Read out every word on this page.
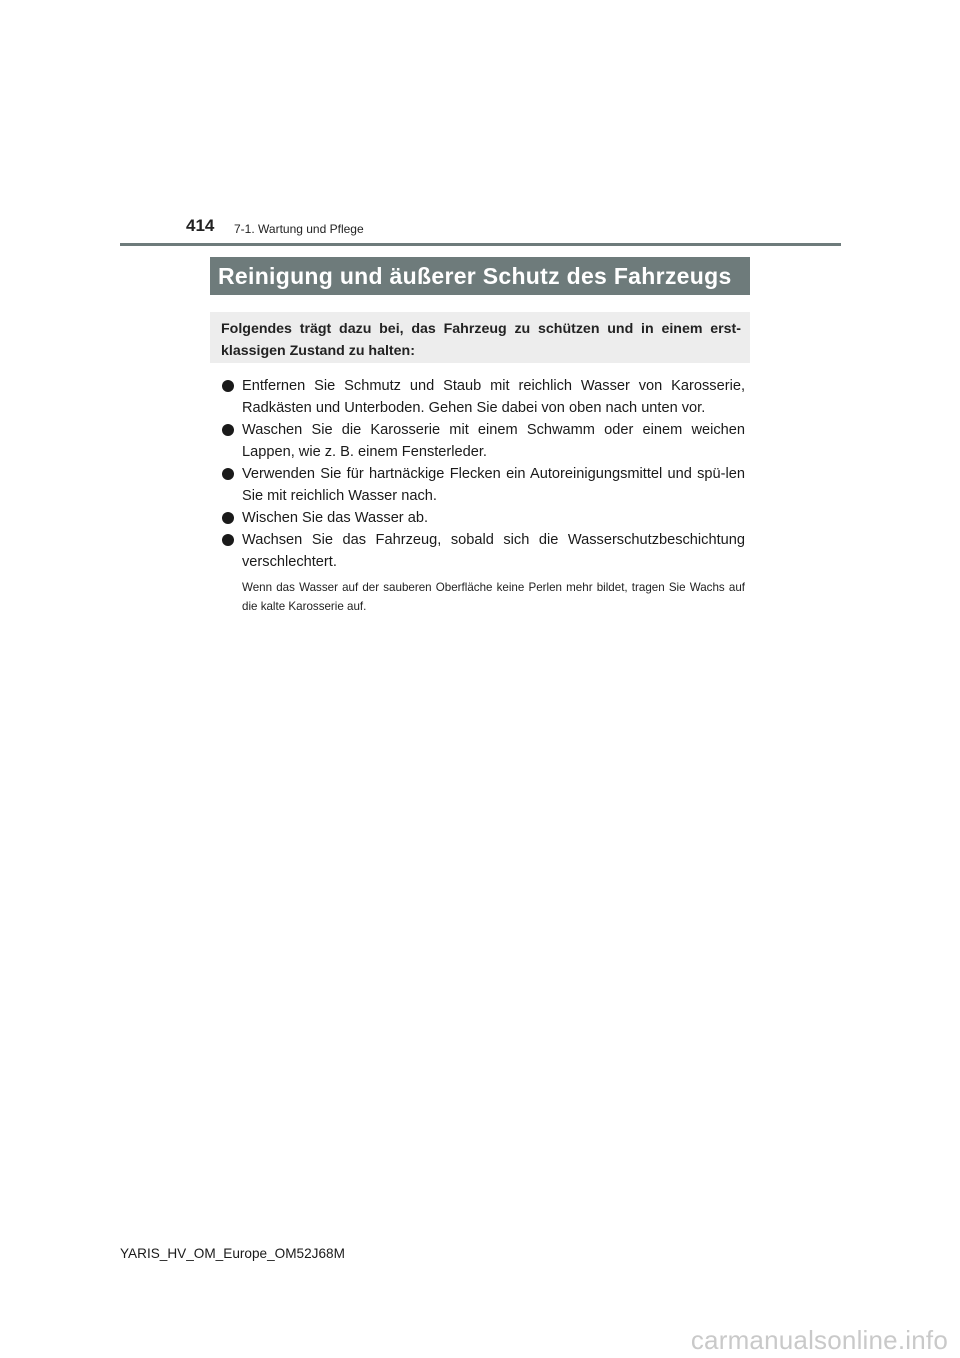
414 7-1. Wartung und Pflege
Reinigung und äußerer Schutz des Fahrzeugs
Folgendes trägt dazu bei, das Fahrzeug zu schützen und in einem erst-klassigen Zustand zu halten:
Entfernen Sie Schmutz und Staub mit reichlich Wasser von Karosserie, Radkästen und Unterboden. Gehen Sie dabei von oben nach unten vor.
Waschen Sie die Karosserie mit einem Schwamm oder einem weichen Lappen, wie z. B. einem Fensterleder.
Verwenden Sie für hartnäckige Flecken ein Autoreinigungsmittel und spü-len Sie mit reichlich Wasser nach.
Wischen Sie das Wasser ab.
Wachsen Sie das Fahrzeug, sobald sich die Wasserschutzbeschichtung verschlechtert.
Wenn das Wasser auf der sauberen Oberfläche keine Perlen mehr bildet, tragen Sie Wachs auf die kalte Karosserie auf.
YARIS_HV_OM_Europe_OM52J68M
carmanualsonline.info
